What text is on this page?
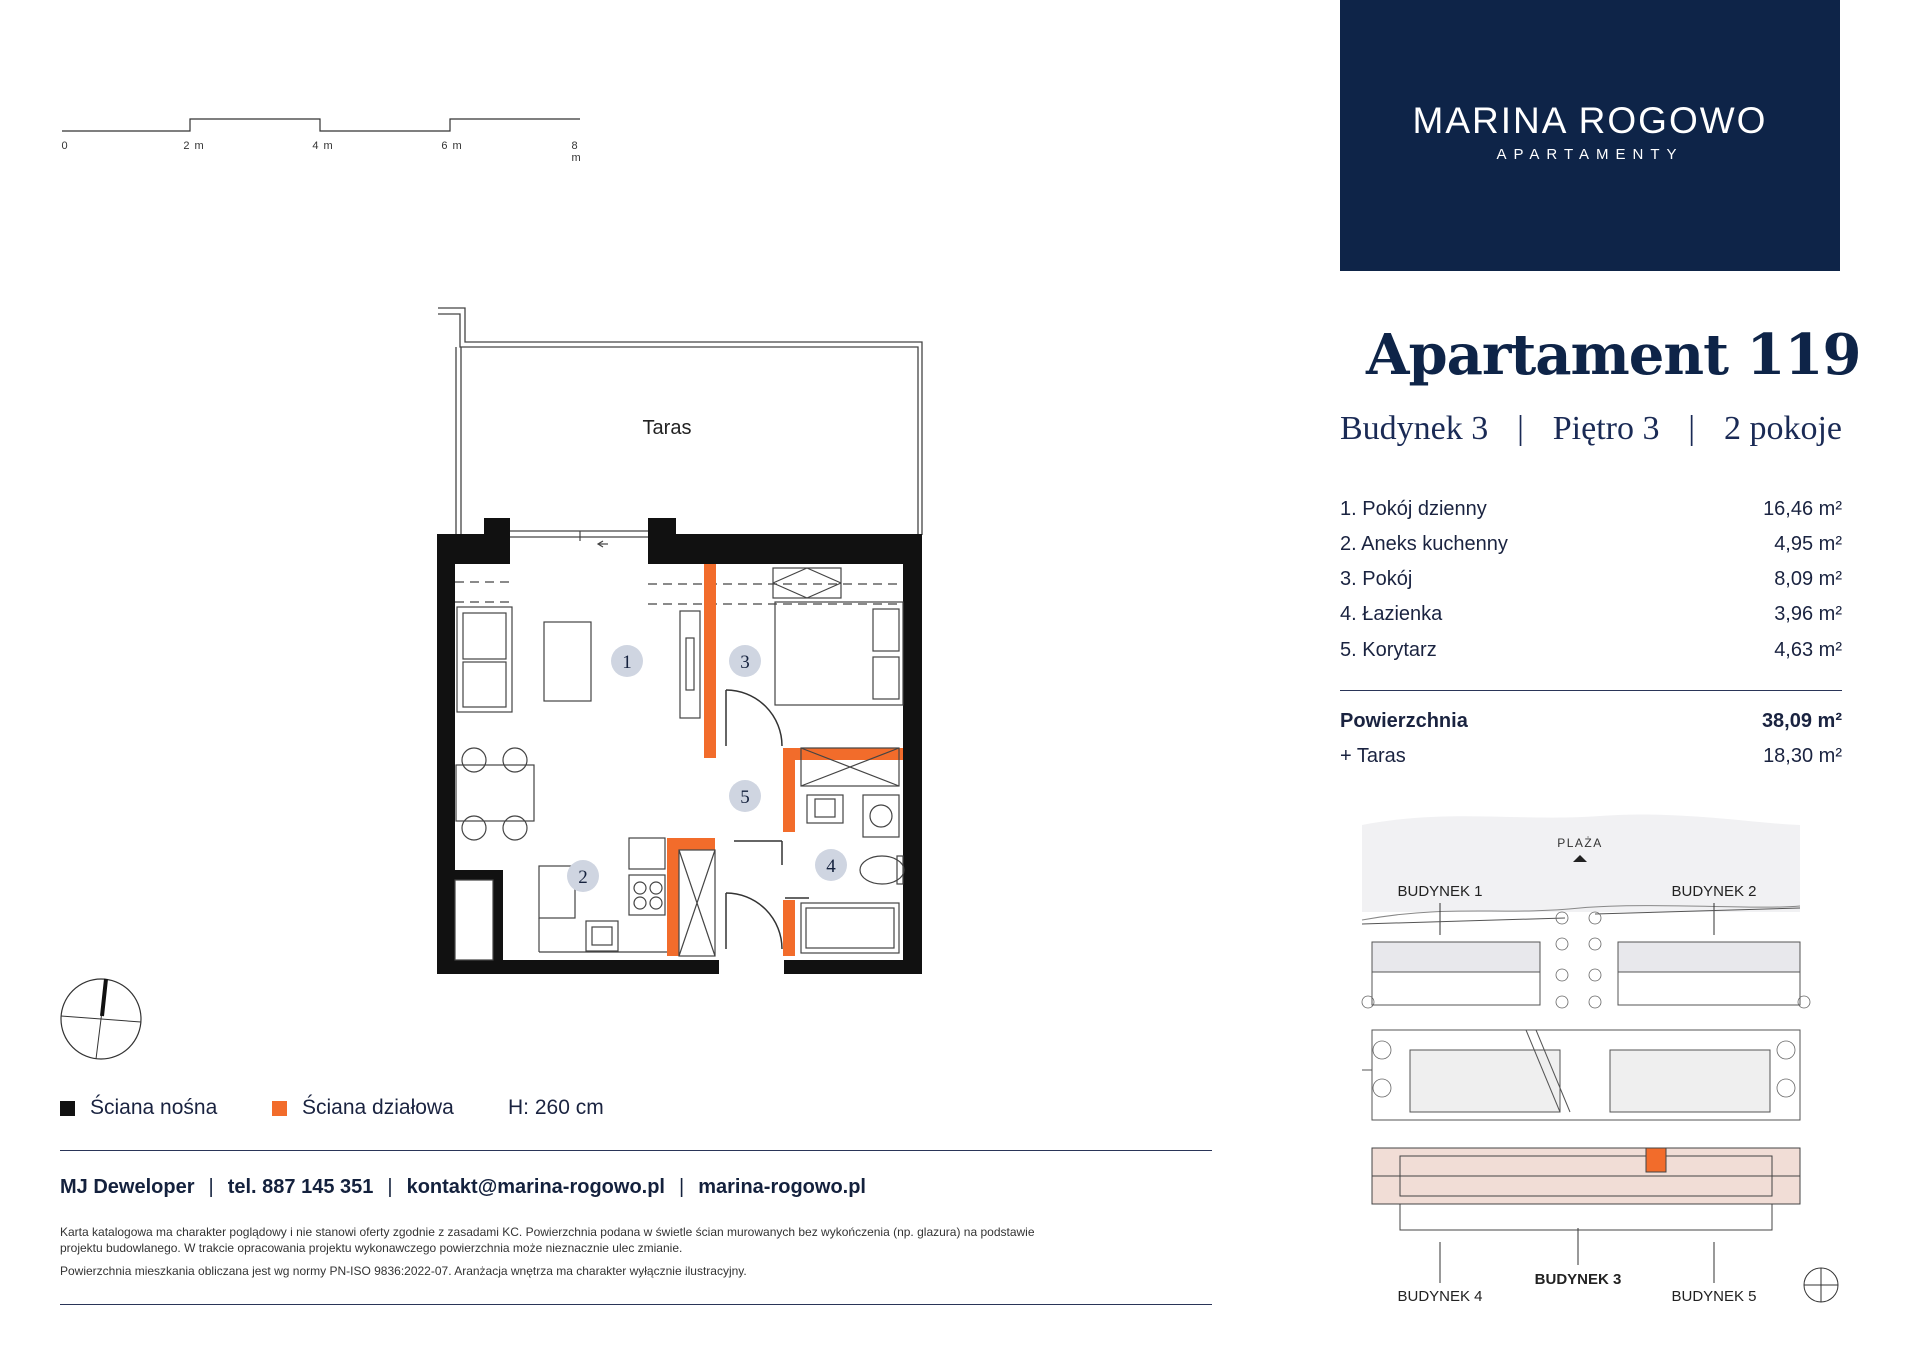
0	2 m	4 m	6 m	8 m
Taras
1
2
3
4
5
Ściana nośna	Ściana działowa	H: 260 cm
MJ Deweloper | tel. 887 145 351 | kontakt@marina-rogowo.pl | marina-rogowo.pl
Karta katalogowa ma charakter poglądowy i nie stanowi oferty zgodnie z zasadami KC. Powierzchnia podana w świetle ścian murowanych bez wykończenia (np. glazura) na podstawie
projektu budowlanego. W trakcie opracowania projektu wykonawczego powierzchnia może nieznacznie ulec zmianie.
Powierzchnia mieszkania obliczana jest wg normy PN-ISO 9836:2022-07. Aranżacja wnętrza ma charakter wyłącznie ilustracyjny.
MARINA ROGOWO
APARTAMENTY
Apartament 119
Budynek 3 | Piętro 3 | 2 pokoje
1. Pokój dzienny	16,46 m²
2. Aneks kuchenny	4,95 m²
3. Pokój	8,09 m²
4. Łazienka	3,96 m²
5. Korytarz	4,63 m²
Powierzchnia	38,09 m²
+ Taras	18,30 m²
PLAŻA
BUDYNEK 1	BUDYNEK 2
BUDYNEK 3
BUDYNEK 4	BUDYNEK 5
